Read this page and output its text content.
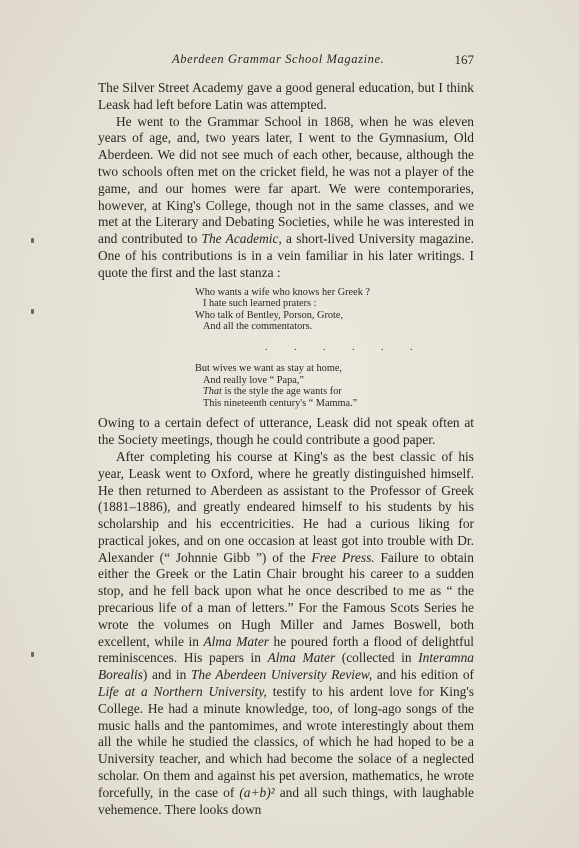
Aberdeen Grammar School Magazine.	167

The Silver Street Academy gave a good general education, but I think Leask had left before Latin was attempted.

He went to the Grammar School in 1868, when he was eleven years of age, and, two years later, I went to the Gymnasium, Old Aberdeen. We did not see much of each other, because, although the two schools often met on the cricket field, he was not a player of the game, and our homes were far apart. We were contemporaries, however, at King's College, though not in the same classes, and we met at the Literary and Debating Societies, while he was interested in and contributed to The Academic, a short-lived University magazine. One of his contributions is in a vein familiar in his later writings. I quote the first and the last stanza :

Who wants a wife who knows her Greek ?
I hate such learned praters :
Who talk of Bentley, Porson, Grote,
And all the commentators.
. . . . . .
But wives we want as stay at home,
And really love “ Papa,”
That is the style the age wants for
This nineteenth century's “ Mamma.”

Owing to a certain defect of utterance, Leask did not speak often at the Society meetings, though he could contribute a good paper.

After completing his course at King's as the best classic of his year, Leask went to Oxford, where he greatly distinguished himself. He then returned to Aberdeen as assistant to the Professor of Greek (1881–1886), and greatly endeared himself to his students by his scholarship and his eccentricities. He had a curious liking for practical jokes, and on one occasion at least got into trouble with Dr. Alexander (“ Johnnie Gibb ”) of the Free Press. Failure to obtain either the Greek or the Latin Chair brought his career to a sudden stop, and he fell back upon what he once described to me as “ the precarious life of a man of letters.” For the Famous Scots Series he wrote the volumes on Hugh Miller and James Boswell, both excellent, while in Alma Mater he poured forth a flood of delightful reminiscences. His papers in Alma Mater (collected in Interamna Borealis) and in The Aberdeen University Review, and his edition of Life at a Northern University, testify to his ardent love for King's College. He had a minute knowledge, too, of long-ago songs of the music halls and the pantomimes, and wrote interestingly about them all the while he studied the classics, of which he had hoped to be a University teacher, and which had become the solace of a neglected scholar. On them and against his pet aversion, mathematics, he wrote forcefully, in the case of (a+b)² and all such things, with laughable vehemence. There looks down
